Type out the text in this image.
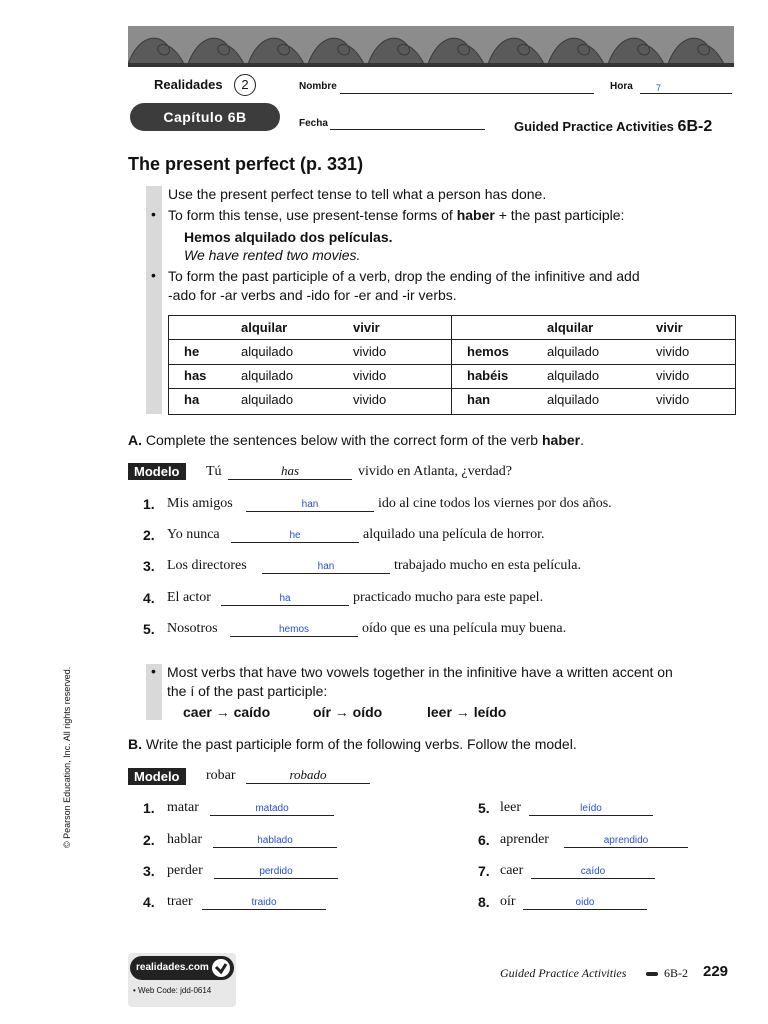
Realidades	2	Nombre	Hora	7
Capítulo 6B	Fecha	Guided Practice Activities 6B-2
The present perfect (p. 331)
Use the present perfect tense to tell what a person has done.
• To form this tense, use present-tense forms of haber + the past participle:
Hemos alquilado dos películas.
We have rented two movies.
• To form the past participle of a verb, drop the ending of the infinitive and add
-ado for -ar verbs and -ido for -er and -ir verbs.
alquilar	vivir	alquilar	vivir
he	alquilado	vivido	hemos	alquilado	vivido
has	alquilado	vivido	habéis	alquilado	vivido
ha	alquilado	vivido	han	alquilado	vivido
A. Complete the sentences below with the correct form of the verb haber.
Modelo	Tú	has	vivido en Atlanta, ¿verdad?
1. Mis amigos	han	ido al cine todos los viernes por dos años.
2. Yo nunca	he	alquilado una película de horror.
3. Los directores	han	trabajado mucho en esta película.
4. El actor	ha	practicado mucho para este papel.
5. Nosotros	hemos	oído que es una película muy buena.
• Most verbs that have two vowels together in the infinitive have a written accent on
the í of the past participle:
caer → caído	oír → oído	leer → leído
B. Write the past participle form of the following verbs. Follow the model.
Modelo	robar	robado
1. matar	matado
2. hablar	hablado
3. perder	perdido
4. traer	traido
5. leer	leído
6. aprender	aprendido
7. caer	caído
8. oír	oido
realidades.com
• Web Code: jdd-0614
Guided Practice Activities	6B-2 229
© Pearson Education, Inc. All rights reserved.
